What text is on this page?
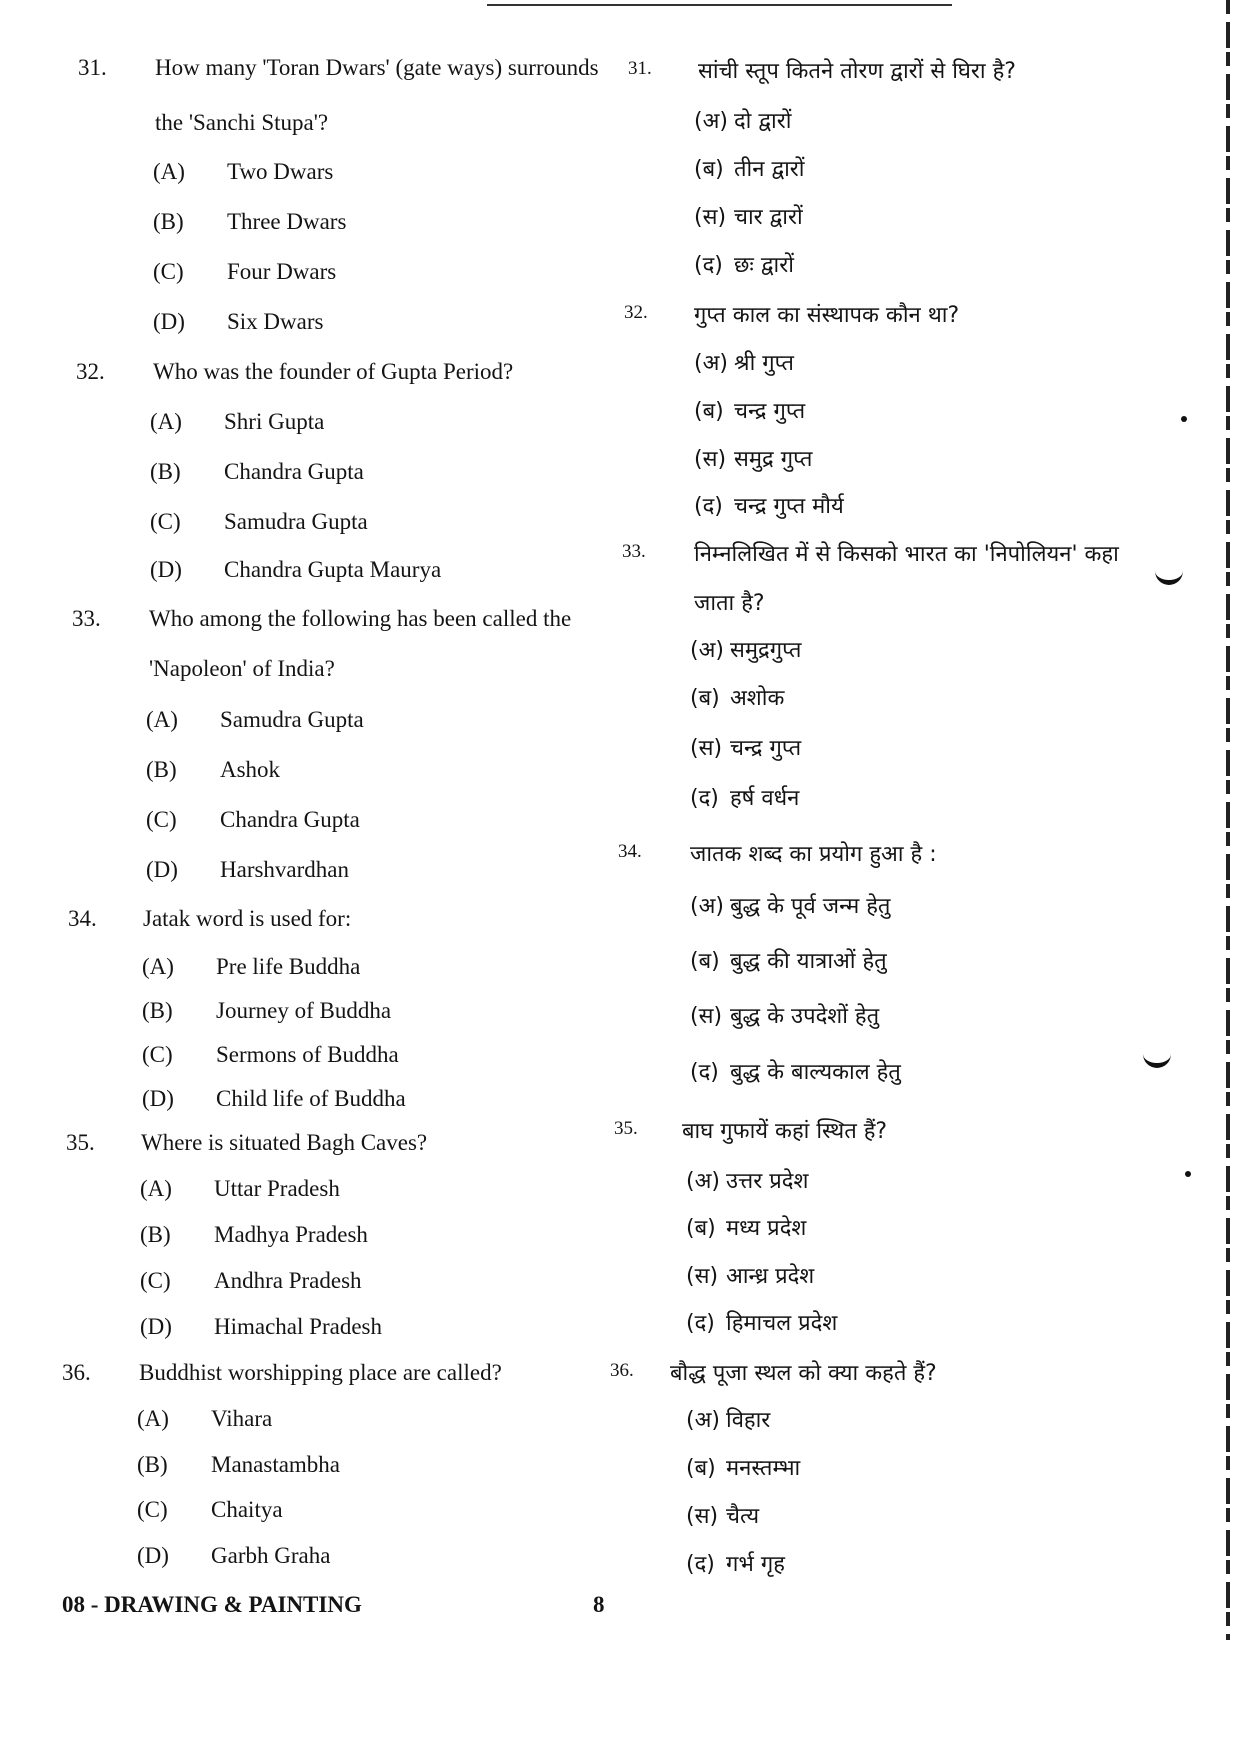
31. How many 'Toran Dwars' (gate ways) surrounds
the 'Sanchi Stupa'?
(A) Two Dwars
(B) Three Dwars
(C) Four Dwars
(D) Six Dwars
32. Who was the founder of Gupta Period?
(A) Shri Gupta
(B) Chandra Gupta
(C) Samudra Gupta
(D) Chandra Gupta Maurya
33. Who among the following has been called the
'Napoleon' of India?
(A) Samudra Gupta
(B) Ashok
(C) Chandra Gupta
(D) Harshvardhan
34. Jatak word is used for:
(A) Pre life Buddha
(B) Journey of Buddha
(C) Sermons of Buddha
(D) Child life of Buddha
35. Where is situated Bagh Caves?
(A) Uttar Pradesh
(B) Madhya Pradesh
(C) Andhra Pradesh
(D) Himachal Pradesh
36. Buddhist worshipping place are called?
(A) Vihara
(B) Manastambha
(C) Chaitya
(D) Garbh Graha
31. सांची स्तूप कितने तोरण द्वारों से घिरा है?
(अ) दो द्वारों
(ब) तीन द्वारों
(स) चार द्वारों
(द) छः द्वारों
32. गुप्त काल का संस्थापक कौन था?
(अ) श्री गुप्त
(ब) चन्द्र गुप्त
(स) समुद्र गुप्त
(द) चन्द्र गुप्त मौर्य
33. निम्नलिखित में से किसको भारत का 'निपोलियन' कहा
जाता है?
(अ) समुद्रगुप्त
(ब) अशोक
(स) चन्द्र गुप्त
(द) हर्ष वर्धन
34. जातक शब्द का प्रयोग हुआ है :
(अ) बुद्ध के पूर्व जन्म हेतु
(ब) बुद्ध की यात्राओं हेतु
(स) बुद्ध के उपदेशों हेतु
(द) बुद्ध के बाल्यकाल हेतु
35. बाघ गुफायें कहां स्थित हैं?
(अ) उत्तर प्रदेश
(ब) मध्य प्रदेश
(स) आन्ध्र प्रदेश
(द) हिमाचल प्रदेश
36. बौद्ध पूजा स्थल को क्या कहते हैं?
(अ) विहार
(ब) मनस्तम्भा
(स) चैत्य
(द) गर्भ गृह
08 - DRAWING & PAINTING	8
